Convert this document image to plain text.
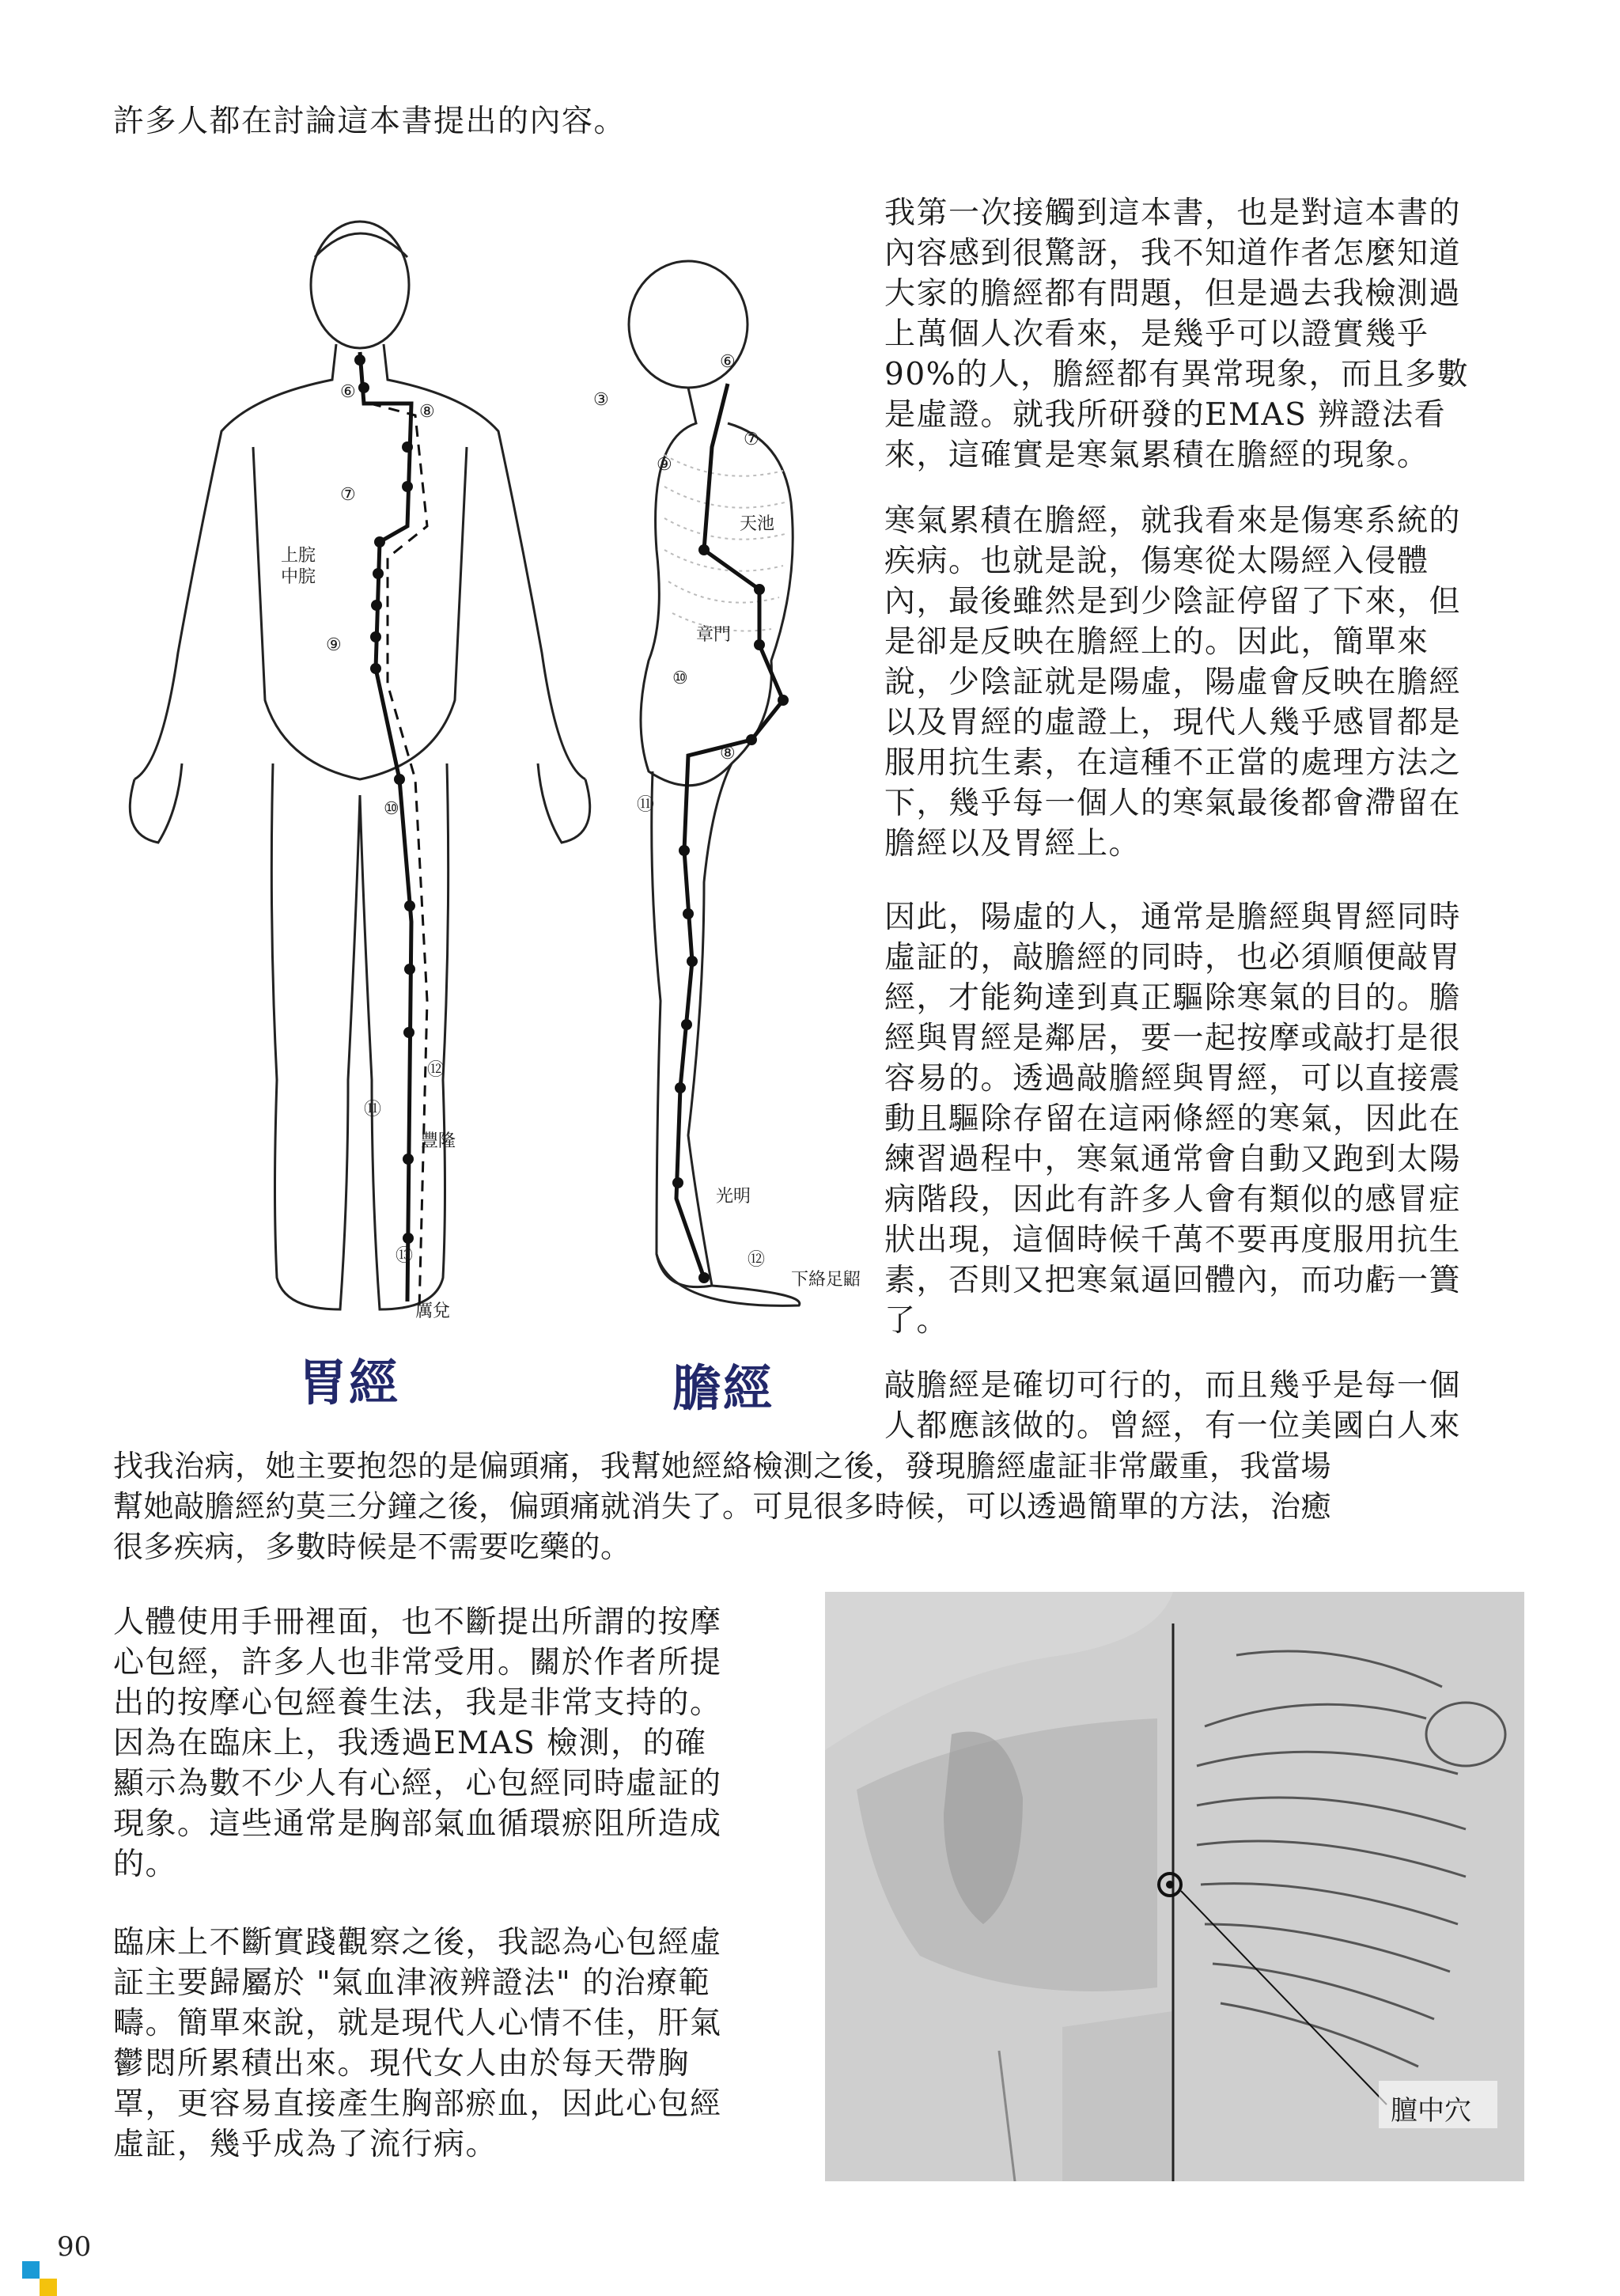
許多人都在討論這本書提出的內容。

我第一次接觸到這本書，也是對這本書的
內容感到很驚訝，我不知道作者怎麼知道
大家的膽經都有問題，但是過去我檢測過
上萬個人次看來，是幾乎可以證實幾乎
90%的人，膽經都有異常現象，而且多數
是虛證。就我所研發的EMAS 辨證法看
來，這確實是寒氣累積在膽經的現象。
寒氣累積在膽經，就我看來是傷寒系統的
疾病。也就是說，傷寒從太陽經入侵體
內，最後雖然是到少陰証停留了下來，但
是卻是反映在膽經上的。因此，簡單來
說，少陰証就是陽虛，陽虛會反映在膽經
以及胃經的虛證上，現代人幾乎感冒都是
服用抗生素，在這種不正當的處理方法之
下，幾乎每一個人的寒氣最後都會滯留在
膽經以及胃經上。
因此，陽虛的人，通常是膽經與胃經同時
虛証的，敲膽經的同時，也必須順便敲胃
經，才能夠達到真正驅除寒氣的目的。膽
經與胃經是鄰居，要一起按摩或敲打是很
容易的。透過敲膽經與胃經，可以直接震
動且驅除存留在這兩條經的寒氣，因此在
練習過程中，寒氣通常會自動又跑到太陽
病階段，因此有許多人會有類似的感冒症
狀出現，這個時候千萬不要再度服用抗生
素，否則又把寒氣逼回體內，而功虧一簣
了。
敲膽經是確切可行的，而且幾乎是每一個
人都應該做的。曾經，有一位美國白人來
找我治病，她主要抱怨的是偏頭痛，我幫她經絡檢測之後，發現膽經虛証非常嚴重，我當場
幫她敲膽經約莫三分鐘之後，偏頭痛就消失了。可見很多時候，可以透過簡單的方法，治癒
很多疾病，多數時候是不需要吃藥的。
人體使用手冊裡面，也不斷提出所謂的按摩
心包經，許多人也非常受用。關於作者所提
出的按摩心包經養生法，我是非常支持的。
因為在臨床上，我透過EMAS 檢測，的確
顯示為數不少人有心經，心包經同時虛証的
現象。這些通常是胸部氣血循環瘀阻所造成
的。
臨床上不斷實踐觀察之後，我認為心包經虛
証主要歸屬於 "氣血津液辨證法" 的治療範
疇。簡單來說，就是現代人心情不佳，肝氣
鬱悶所累積出來。現代女人由於每天帶胸
罩，更容易直接產生胸部瘀血，因此心包經
虛証，幾乎成為了流行病。
上脘
中脘
豐隆
厲兌
⑥
⑧
⑦
⑨
⑩
⑪
⑫
⑬
天池
章門
光明
下絡足鼦
③
⑥
⑦
⑨
⑩
⑧
⑪
⑫
胃經	膽經
膻中穴
90
